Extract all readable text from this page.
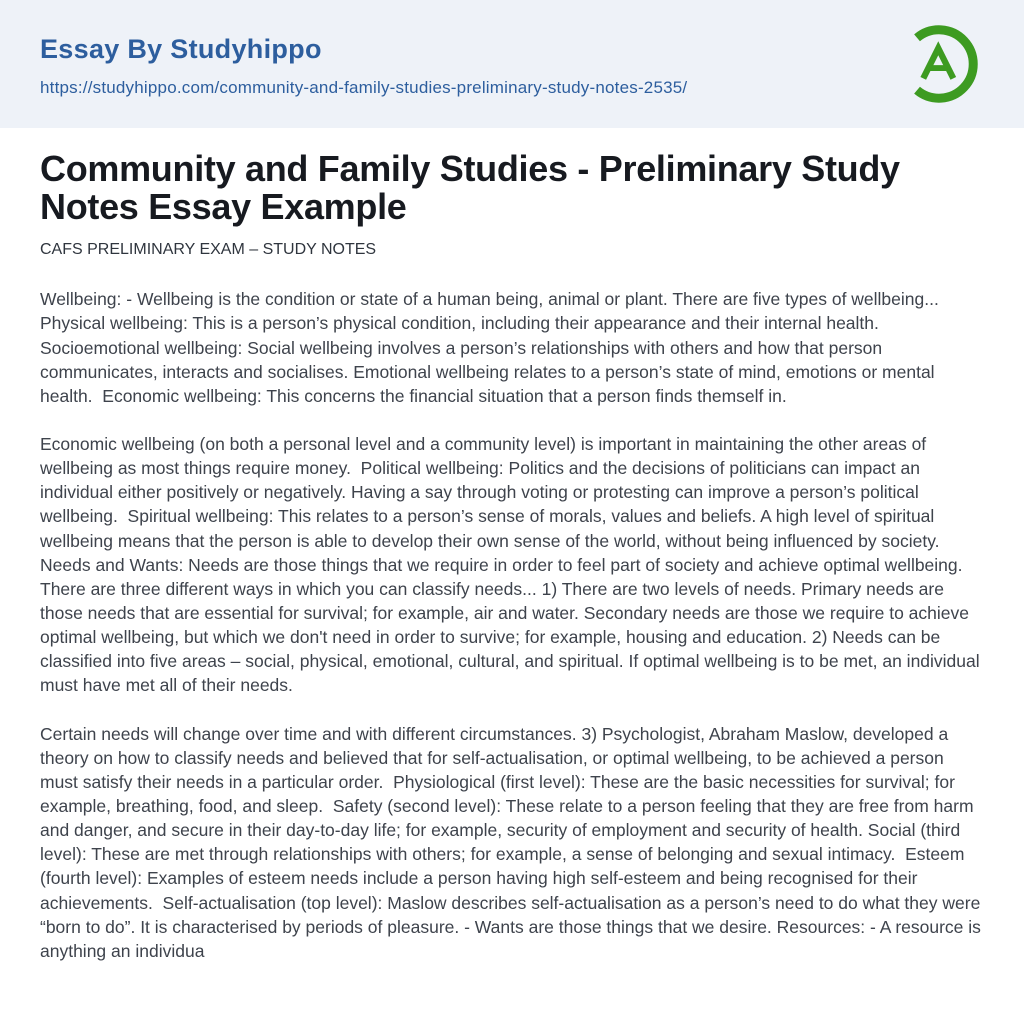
Essay By Studyhippo
https://studyhippo.com/community-and-family-studies-preliminary-study-notes-2535/
Community and Family Studies - Preliminary Study Notes Essay Example
CAFS PRELIMINARY EXAM – STUDY NOTES

Wellbeing: - Wellbeing is the condition or state of a human being, animal or plant. There are five types of wellbeing...  Physical wellbeing: This is a person’s physical condition, including their appearance and their internal health.  Socioemotional wellbeing: Social wellbeing involves a person’s relationships with others and how that person communicates, interacts and socialises. Emotional wellbeing relates to a person’s state of mind, emotions or mental health.  Economic wellbeing: This concerns the financial situation that a person finds themself in.

Economic wellbeing (on both a personal level and a community level) is important in maintaining the other areas of wellbeing as most things require money.  Political wellbeing: Politics and the decisions of politicians can impact an individual either positively or negatively. Having a say through voting or protesting can improve a person’s political wellbeing.  Spiritual wellbeing: This relates to a person’s sense of morals, values and beliefs. A high level of spiritual wellbeing means that the person is able to develop their own sense of the world, without being influenced by society. Needs and Wants: Needs are those things that we require in order to feel part of society and achieve optimal wellbeing. There are three different ways in which you can classify needs... 1) There are two levels of needs. Primary needs are those needs that are essential for survival; for example, air and water. Secondary needs are those we require to achieve optimal wellbeing, but which we don't need in order to survive; for example, housing and education. 2) Needs can be classified into five areas – social, physical, emotional, cultural, and spiritual. If optimal wellbeing is to be met, an individual must have met all of their needs.

Certain needs will change over time and with different circumstances. 3) Psychologist, Abraham Maslow, developed a theory on how to classify needs and believed that for self-actualisation, or optimal wellbeing, to be achieved a person must satisfy their needs in a particular order.  Physiological (first level): These are the basic necessities for survival; for example, breathing, food, and sleep.  Safety (second level): These relate to a person feeling that they are free from harm and danger, and secure in their day-to-day life; for example, security of employment and security of health. Social (third level): These are met through relationships with others; for example, a sense of belonging and sexual intimacy.  Esteem (fourth level): Examples of esteem needs include a person having high self-esteem and being recognised for their achievements.  Self-actualisation (top level): Maslow describes self-actualisation as a person’s need to do what they were “born to do”. It is characterised by periods of pleasure. - Wants are those things that we desire. Resources: - A resource is anything an individua
